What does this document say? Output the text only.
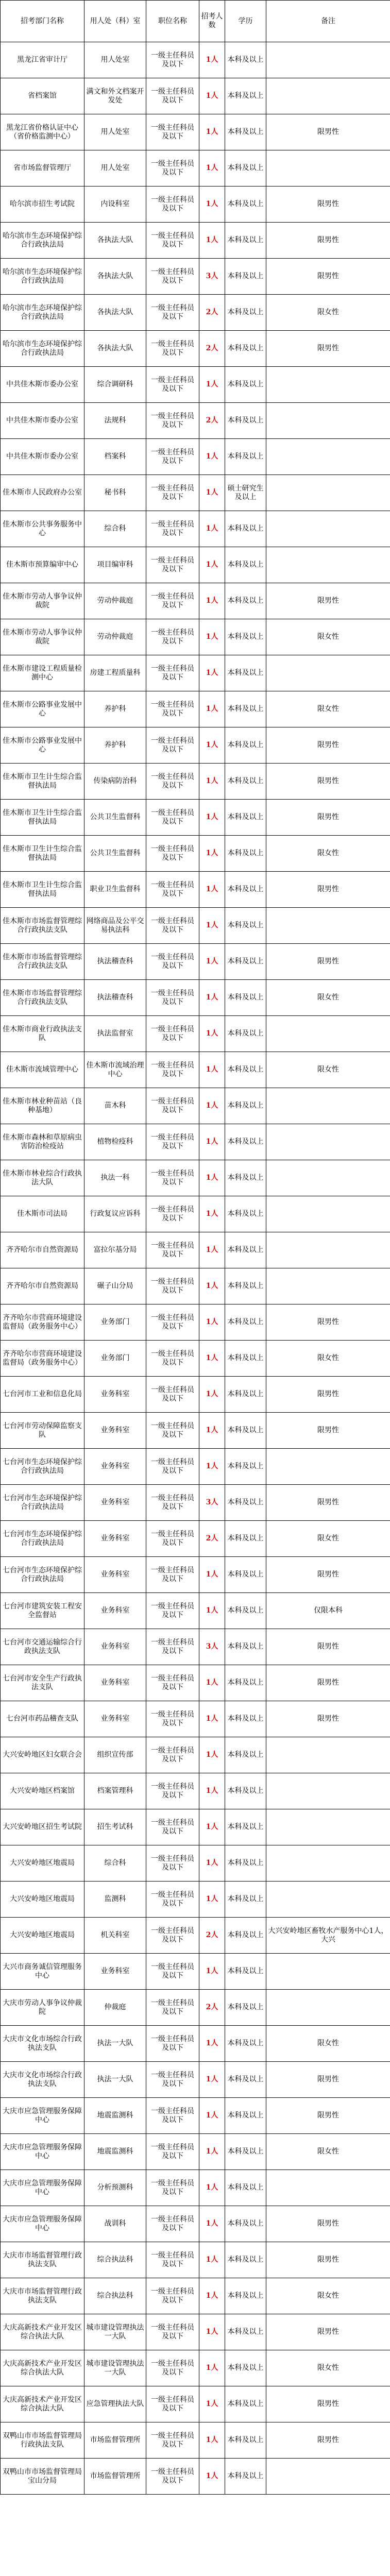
招考部门名称	用人处（科）室	职位名称	招考人数	学历	备注
黑龙江省审计厅	用人处室	一级主任科员及以下	1人	本科及以上	
省档案馆	满文和外文档案开发处	一级主任科员及以下	1人	本科及以上	
黑龙江省价格认证中心（省价格监测中心）	用人处室	一级主任科员及以下	1人	本科及以上	限男性
省市场监督管理厅	用人处室	一级主任科员及以下	1人	本科及以上	
哈尔滨市招生考试院	内设科室	一级主任科员及以下	1人	本科及以上	限男性
哈尔滨市生态环境保护综合行政执法局	各执法大队	一级主任科员及以下	1人	本科及以上	限男性
哈尔滨市生态环境保护综合行政执法局	各执法大队	一级主任科员及以下	3人	本科及以上	限男性
哈尔滨市生态环境保护综合行政执法局	各执法大队	一级主任科员及以下	2人	本科及以上	限女性
哈尔滨市生态环境保护综合行政执法局	各执法大队	一级主任科员及以下	2人	本科及以上	限男性
中共佳木斯市委办公室	综合调研科	一级主任科员及以下	1人	本科及以上	
中共佳木斯市委办公室	法规科	一级主任科员及以下	2人	本科及以上	
中共佳木斯市委办公室	档案科	一级主任科员及以下	1人	本科及以上	
佳木斯市人民政府办公室	秘书科	一级主任科员及以下	1人	硕士研究生及以上	
佳木斯市公共事务服务中心	综合科	一级主任科员及以下	1人	本科及以上	
佳木斯市预算编审中心	项目编审科	一级主任科员及以下	1人	本科及以上	
佳木斯市劳动人事争议仲裁院	劳动仲裁庭	一级主任科员及以下	1人	本科及以上	限男性
佳木斯市劳动人事争议仲裁院	劳动仲裁庭	一级主任科员及以下	1人	本科及以上	限女性
佳木斯市建设工程质量检测中心	房建工程质量科	一级主任科员及以下	1人	本科及以上	
佳木斯市公路事业发展中心	养护科	一级主任科员及以下	1人	本科及以上	限女性
佳木斯市公路事业发展中心	养护科	一级主任科员及以下	1人	本科及以上	限男性
佳木斯市卫生计生综合监督执法局	传染病防治科	一级主任科员及以下	1人	本科及以上	限男性
佳木斯市卫生计生综合监督执法局	公共卫生监督科	一级主任科员及以下	1人	本科及以上	限男性
佳木斯市卫生计生综合监督执法局	公共卫生监督科	一级主任科员及以下	1人	本科及以上	限女性
佳木斯市卫生计生综合监督执法局	职业卫生监督科	一级主任科员及以下	1人	本科及以上	限男性
佳木斯市市场监督管理综合行政执法支队	网络商品及公平交易执法科	一级主任科员及以下	1人	本科及以上	
佳木斯市市场监督管理综合行政执法支队	执法稽查科	一级主任科员及以下	1人	本科及以上	限男性
佳木斯市市场监督管理综合行政执法支队	执法稽查科	一级主任科员及以下	1人	本科及以上	限女性
佳木斯市商业行政执法支队	执法监督室	一级主任科员及以下	1人	本科及以上	
佳木斯市流域管理中心	佳木斯市流域治理中心	一级主任科员及以下	1人	本科及以上	限女性
佳木斯市林业种苗站（良种基地）	苗木科	一级主任科员及以下	1人	本科及以上	
佳木斯市森林和草原病虫害防治检疫站	植物检疫科	一级主任科员及以下	1人	本科及以上	
佳木斯市林业综合行政执法大队	执法一科	一级主任科员及以下	1人	本科及以上	
佳木斯市司法局	行政复议应诉科	一级主任科员及以下	1人	本科及以上	
齐齐哈尔市自然资源局	富拉尔基分局	一级主任科员及以下	1人	本科及以上	
齐齐哈尔市自然资源局	碾子山分局	一级主任科员及以下	1人	本科及以上	
齐齐哈尔市营商环境建设监督局（政务服务中心）	业务部门	一级主任科员及以下	1人	本科及以上	限男性
齐齐哈尔市营商环境建设监督局（政务服务中心）	业务部门	一级主任科员及以下	1人	本科及以上	限女性
七台河市工业和信息化局	业务科室	一级主任科员及以下	1人	本科及以上	限男性
七台河市劳动保障监察支队	业务科室	一级主任科员及以下	1人	本科及以上	限男性
七台河市生态环境保护综合行政执法局	业务科室	一级主任科员及以下	1人	本科及以上	
七台河市生态环境保护综合行政执法局	业务科室	一级主任科员及以下	3人	本科及以上	限男性
七台河市生态环境保护综合行政执法局	业务科室	一级主任科员及以下	2人	本科及以上	限女性
七台河市生态环境保护综合行政执法局	业务科室	一级主任科员及以下	1人	本科及以上	限男性
七台河市建筑安装工程安全监督站	业务科室	一级主任科员及以下	1人	本科及以上	仅限本科
七台河市交通运输综合行政执法支队	业务科室	一级主任科员及以下	3人	本科及以上	限男性
七台河市安全生产行政执法支队	业务科室	一级主任科员及以下	1人	本科及以上	限男性
七台河市药品稽查支队	业务科室	一级主任科员及以下	1人	本科及以上	限男性
大兴安岭地区妇女联合会	组织宣传部	一级主任科员及以下	1人	本科及以上	
大兴安岭地区档案馆	档案管理科	一级主任科员及以下	1人	本科及以上	
大兴安岭地区招生考试院	招生考试科	一级主任科员及以下	1人	本科及以上	
大兴安岭地区地震局	综合科	一级主任科员及以下	1人	本科及以上	
大兴安岭地区地震局	监测科	一级主任科员及以下	1人	本科及以上	
大兴安岭地区地震局	机关科室	一级主任科员及以下	2人	本科及以上	大兴安岭地区畜牧水产服务中心1人，大兴
大兴市商务诚信管理服务中心	业务科室	一级主任科员及以下	1人	本科及以上	
大庆市劳动人事争议仲裁院	仲裁庭	一级主任科员及以下	2人	本科及以上	
大庆市文化市场综合行政执法支队	执法一大队	一级主任科员及以下	1人	本科及以上	限女性
大庆市文化市场综合行政执法支队	执法一大队	一级主任科员及以下	1人	本科及以上	限男性
大庆市应急管理服务保障中心	地震监测科	一级主任科员及以下	1人	本科及以上	限男性
大庆市应急管理服务保障中心	地震监测科	一级主任科员及以下	1人	本科及以上	限女性
大庆市应急管理服务保障中心	分析预测科	一级主任科员及以下	1人	本科及以上	
大庆市应急管理服务保障中心	战训科	一级主任科员及以下	1人	本科及以上	限男性
大庆市市场监督管理行政执法支队	综合执法科	一级主任科员及以下	1人	本科及以上	限男性
大庆市市场监督管理行政执法支队	综合执法科	一级主任科员及以下	1人	本科及以上	限女性
大庆高新技术产业开发区综合执法大队	城市建设管理执法一大队	一级主任科员及以下	1人	本科及以上	限男性
大庆高新技术产业开发区综合执法大队	城市建设管理执法一大队	一级主任科员及以下	1人	本科及以上	限女性
大庆高新技术产业开发区综合执法大队	应急管理执法大队	一级主任科员及以下	1人	本科及以上	限男性
双鸭山市市场监督管理局行政执法支队	市场监督管理所	一级主任科员及以下	1人	本科及以上	限男性
双鸭山市市场监督管理局宝山分局	市场监督管理所	一级主任科员及以下	1人	本科及以上	
